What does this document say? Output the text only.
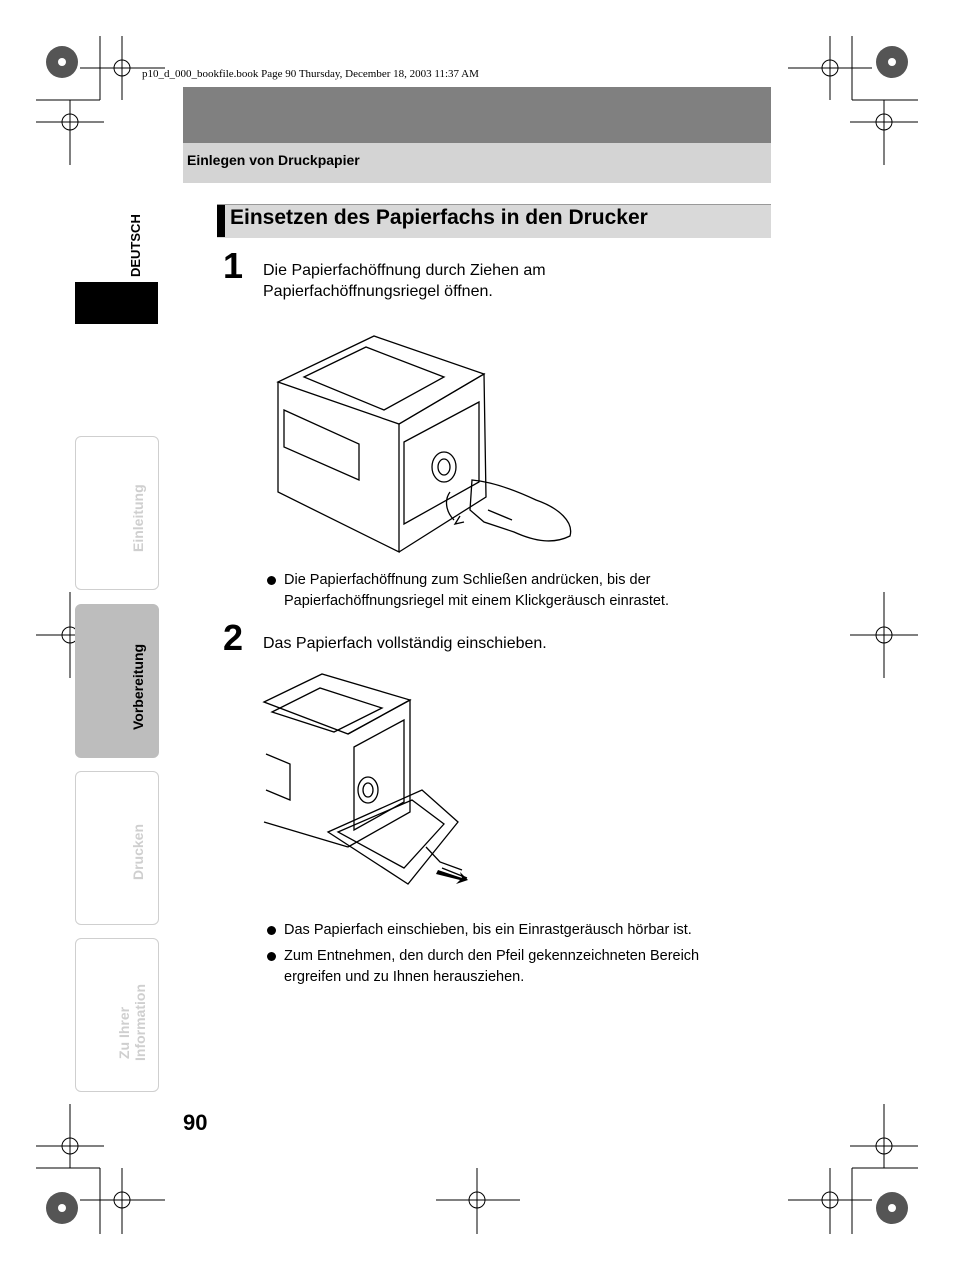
p10_d_000_bookfile.book Page 90 Thursday, December 18, 2003 11:37 AM
Einlegen von Druckpapier
DEUTSCH
Einleitung
Vorbereitung
Drucken
Zu Ihrer Information
Einsetzen des Papierfachs in den Drucker
1 Die Papierfachöffnung durch Ziehen am
Papierfachöffnungsriegel öffnen.
Die Papierfachöffnung zum Schließen andrücken, bis der
Papierfachöffnungsriegel mit einem Klickgeräusch einrastet.
2 Das Papierfach vollständig einschieben.
Das Papierfach einschieben, bis ein Einrastgeräusch hörbar ist.
Zum Entnehmen, den durch den Pfeil gekennzeichneten Bereich
ergreifen und zu Ihnen herausziehen.
90
